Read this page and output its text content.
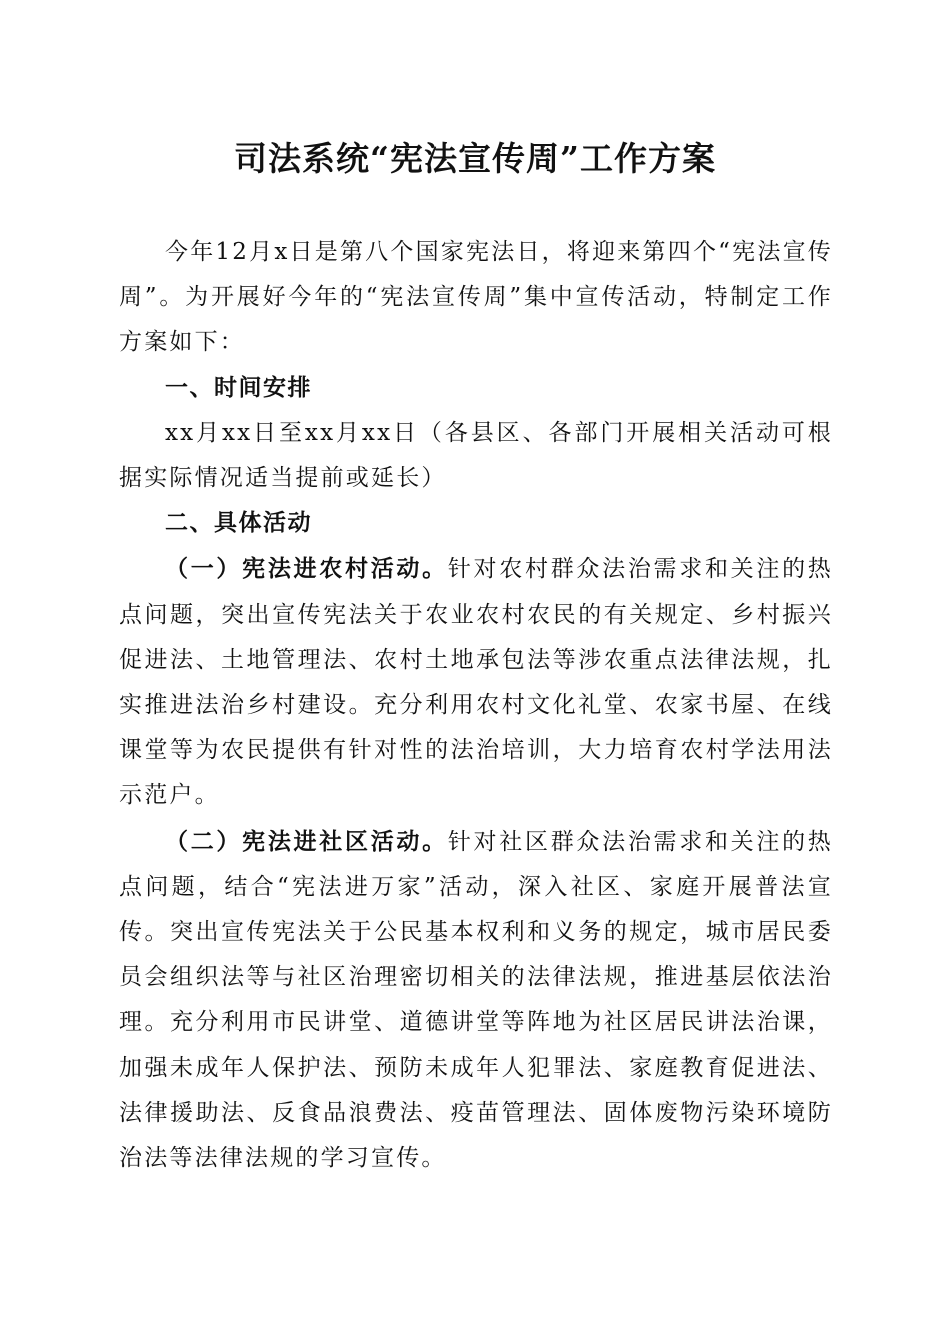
司法系统“宪法宣传周”工作方案

今年12月x日是第八个国家宪法日，将迎来第四个“宪法宣传周”。为开展好今年的“宪法宣传周”集中宣传活动，特制定工作方案如下：

一、时间安排

xx月xx日至xx月xx日（各县区、各部门开展相关活动可根据实际情况适当提前或延长）

二、具体活动

（一）宪法进农村活动。针对农村群众法治需求和关注的热点问题，突出宣传宪法关于农业农村农民的有关规定、乡村振兴促进法、土地管理法、农村土地承包法等涉农重点法律法规，扎实推进法治乡村建设。充分利用农村文化礼堂、农家书屋、在线课堂等为农民提供有针对性的法治培训，大力培育农村学法用法示范户。

（二）宪法进社区活动。针对社区群众法治需求和关注的热点问题，结合“宪法进万家”活动，深入社区、家庭开展普法宣传。突出宣传宪法关于公民基本权利和义务的规定，城市居民委员会组织法等与社区治理密切相关的法律法规，推进基层依法治理。充分利用市民讲堂、道德讲堂等阵地为社区居民讲法治课，加强未成年人保护法、预防未成年人犯罪法、家庭教育促进法、法律援助法、反食品浪费法、疫苗管理法、固体废物污染环境防治法等法律法规的学习宣传。
